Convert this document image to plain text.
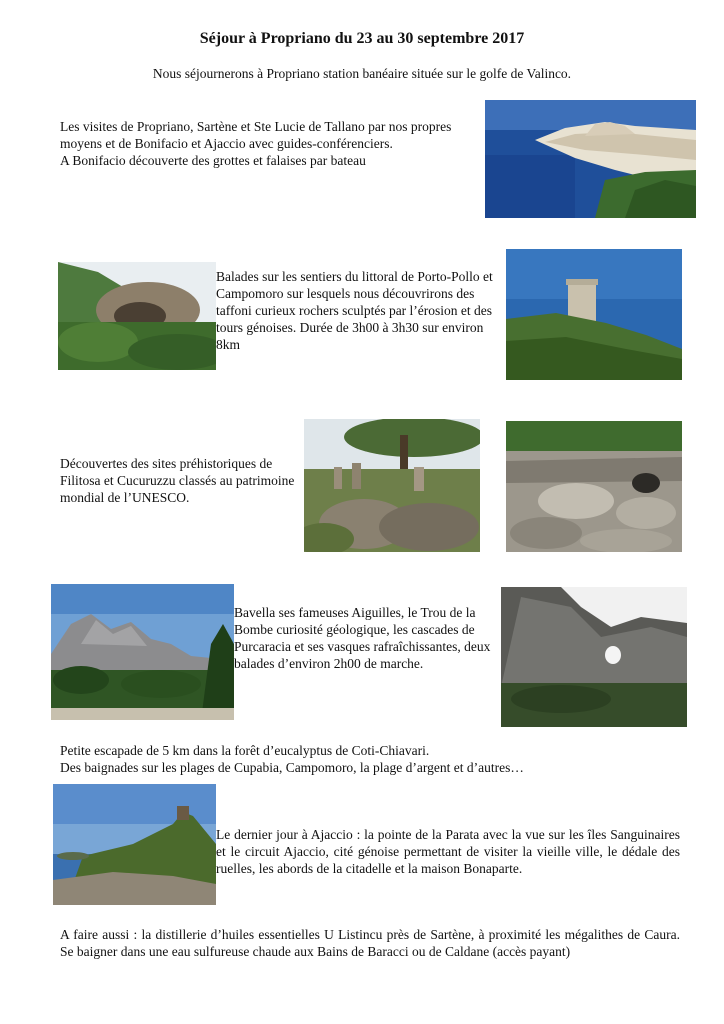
Séjour à Propriano du 23 au 30 septembre 2017
Nous séjournerons à Propriano station banéaire située sur le golfe de Valinco.
Les visites de Propriano, Sartène et Ste Lucie de Tallano par nos propres
moyens et de Bonifacio et Ajaccio avec guides-conférenciers.
A Bonifacio découverte des grottes et falaises par bateau
Balades sur les sentiers du littoral de Porto-Pollo et Campomoro sur lesquels nous découvrirons des taffoni curieux rochers sculptés par l’érosion et des tours génoises. Durée de 3h00 à 3h30 sur environ 8km
Découvertes des sites préhistoriques de Filitosa et Cucuruzzu classés au patrimoine mondial de l’UNESCO.
Bavella ses fameuses Aiguilles, le Trou de la Bombe curiosité géologique, les cascades de Purcaracia et ses vasques rafraîchissantes, deux balades d’environ 2h00 de marche.
Petite escapade de 5 km dans la forêt d’eucalyptus de Coti-Chiavari.
Des baignades sur les plages de Cupabia, Campomoro, la plage d’argent et d’autres…
Le dernier jour à Ajaccio : la pointe de la Parata avec la vue sur les îles Sanguinaires et le circuit Ajaccio, cité génoise permettant de visiter la vieille ville, le dédale des ruelles, les abords de la citadelle et la maison Bonaparte.
A faire aussi : la distillerie d’huiles essentielles U Listincu près de Sartène, à proximité les mégalithes de Caura. Se baigner dans une eau sulfureuse chaude aux Bains de Baracci ou de Caldane (accès payant)
